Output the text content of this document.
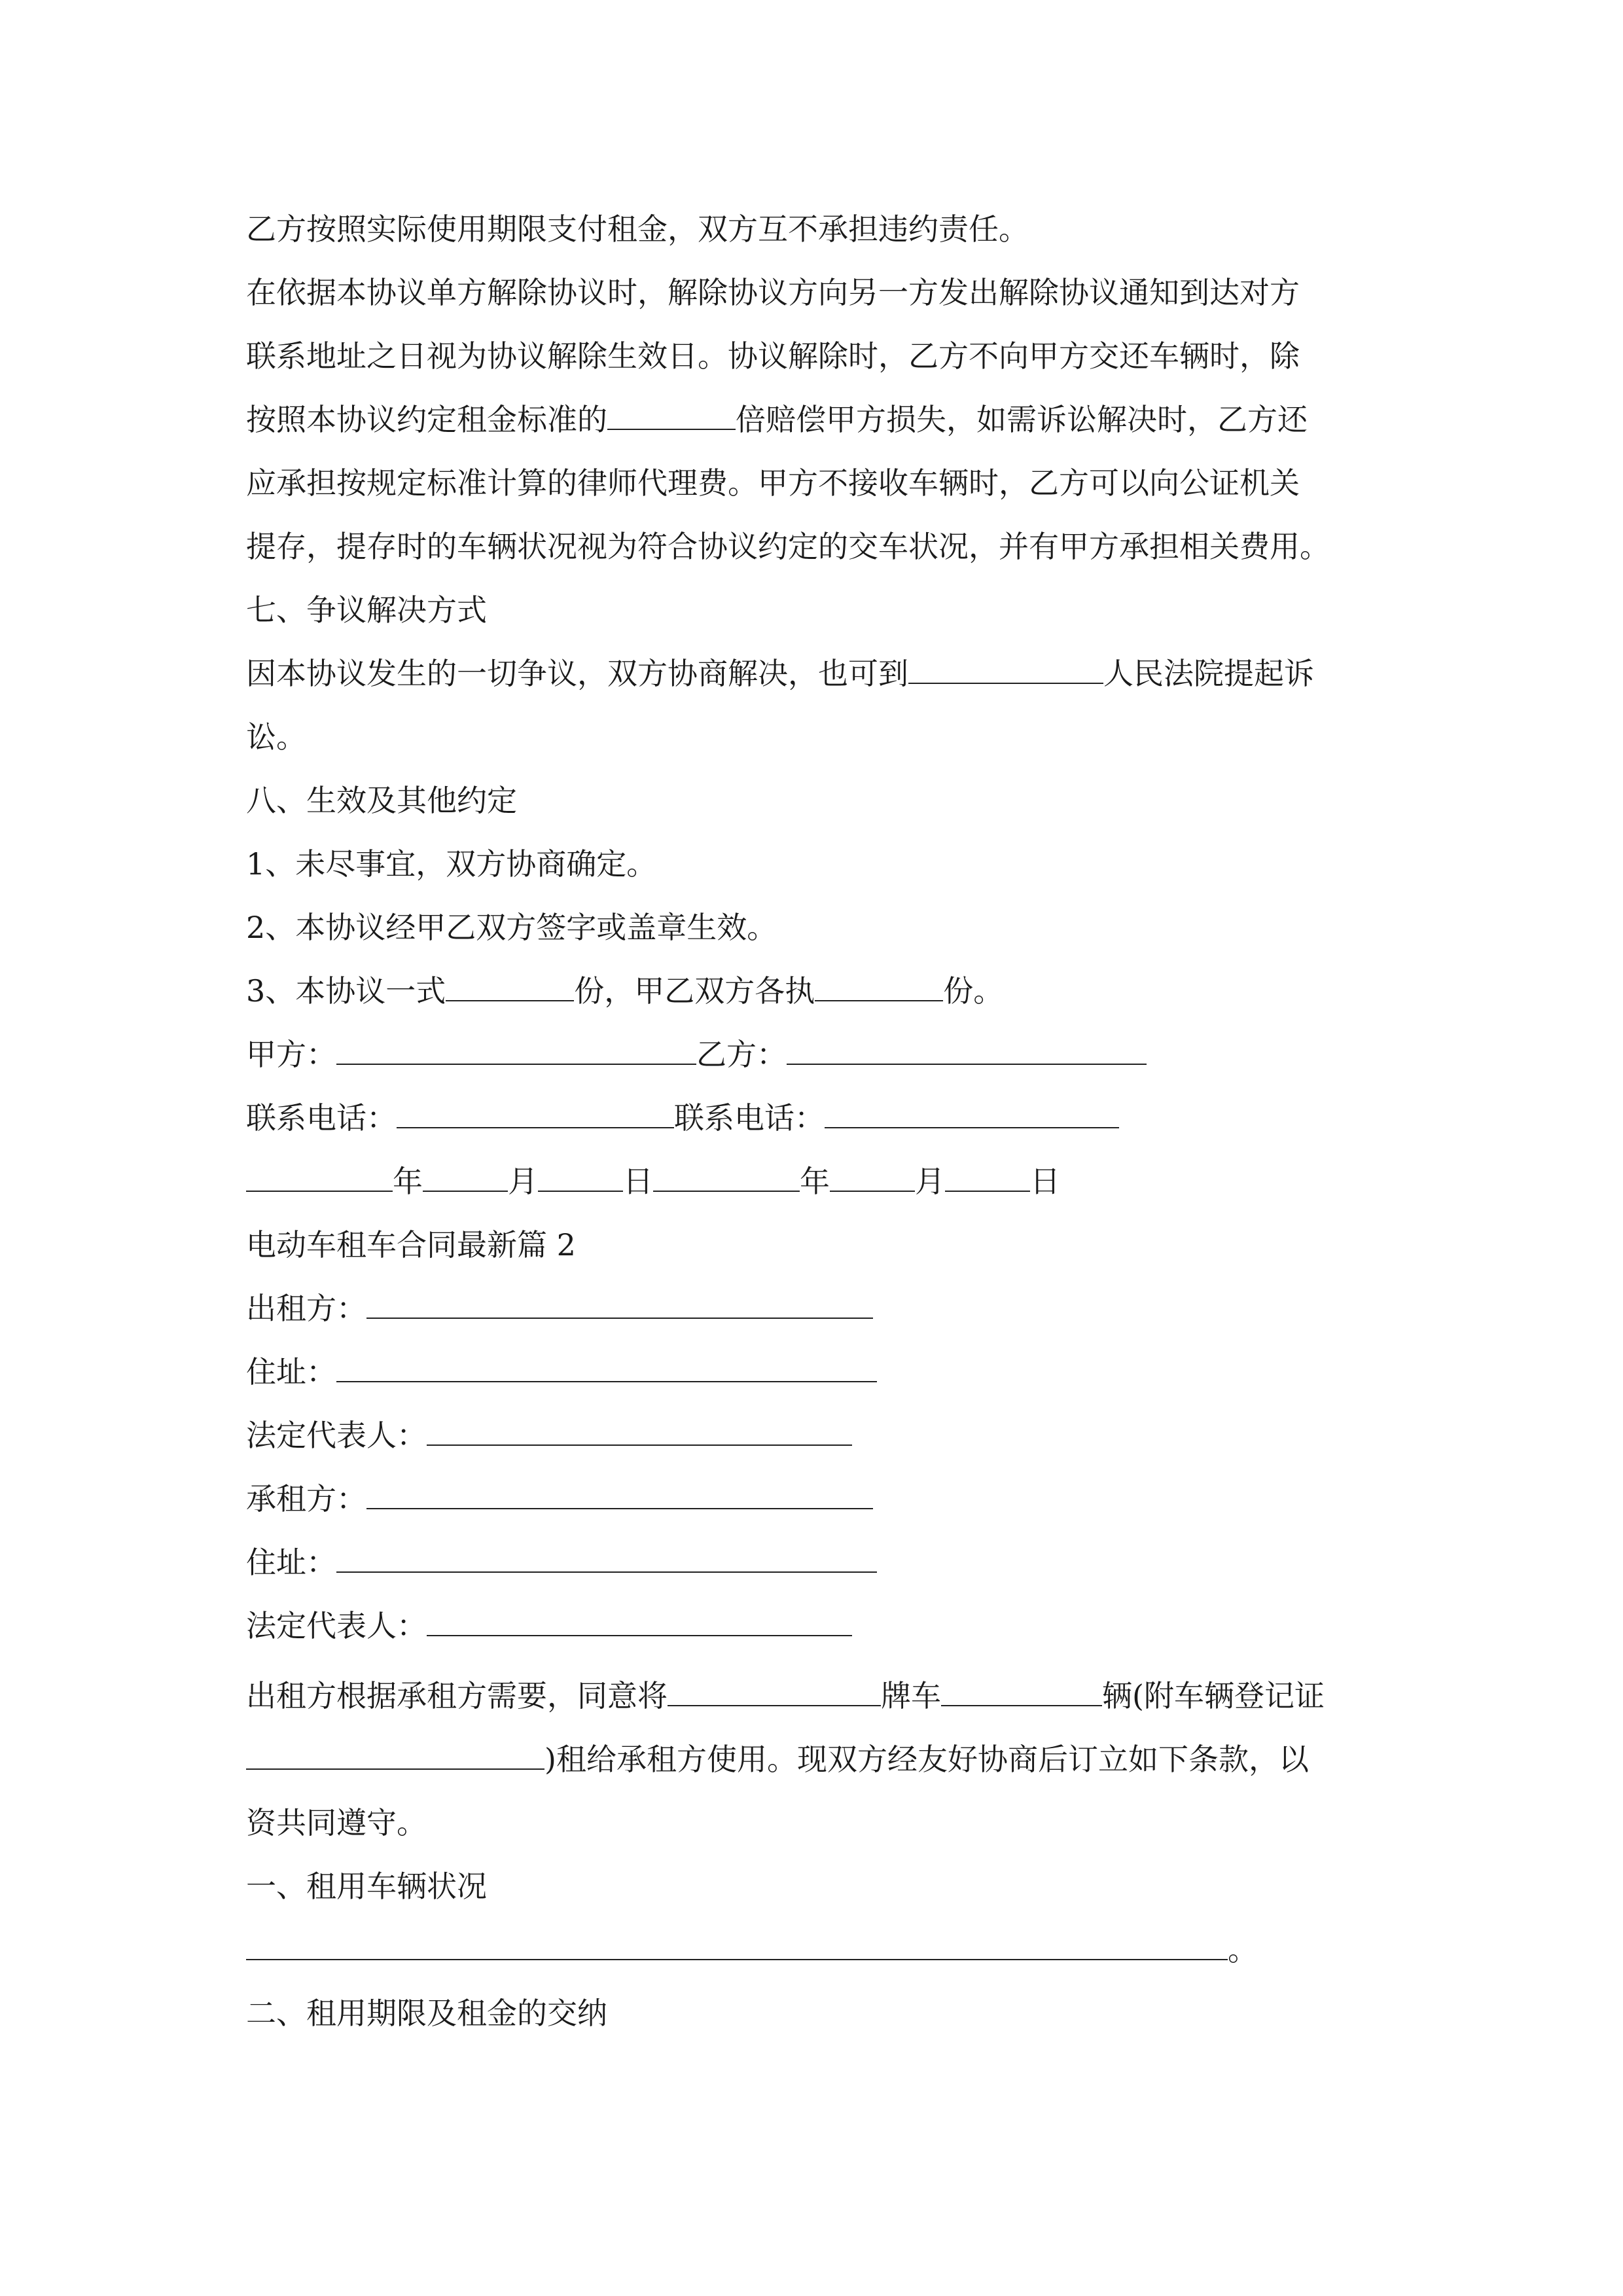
乙方按照实际使用期限支付租金，双方互不承担违约责任。
在依据本协议单方解除协议时，解除协议方向另一方发出解除协议通知到达对方
联系地址之日视为协议解除生效日。协议解除时，乙方不向甲方交还车辆时，除
按照本协议约定租金标准的	倍赔偿甲方损失，如需诉讼解决时，乙方还
应承担按规定标准计算的律师代理费。甲方不接收车辆时，乙方可以向公证机关
提存，提存时的车辆状况视为符合协议约定的交车状况，并有甲方承担相关费用。
七、争议解决方式
因本协议发生的一切争议，双方协商解决，也可到	人民法院提起诉
讼。
八、生效及其他约定
1、未尽事宜，双方协商确定。
2、本协议经甲乙双方签字或盖章生效。
3、本协议一式	份，甲乙双方各执	份。
甲方：	乙方：
联系电话：	联系电话：
年	月	日	年	月	日
电动车租车合同最新篇 2
出租方：
住址：
法定代表人：
承租方：
住址：
法定代表人：
出租方根据承租方需要，同意将	牌车	辆(附车辆登记证
)租给承租方使用。现双方经友好协商后订立如下条款，以
资共同遵守。
一、租用车辆状况
。
二、租用期限及租金的交纳
